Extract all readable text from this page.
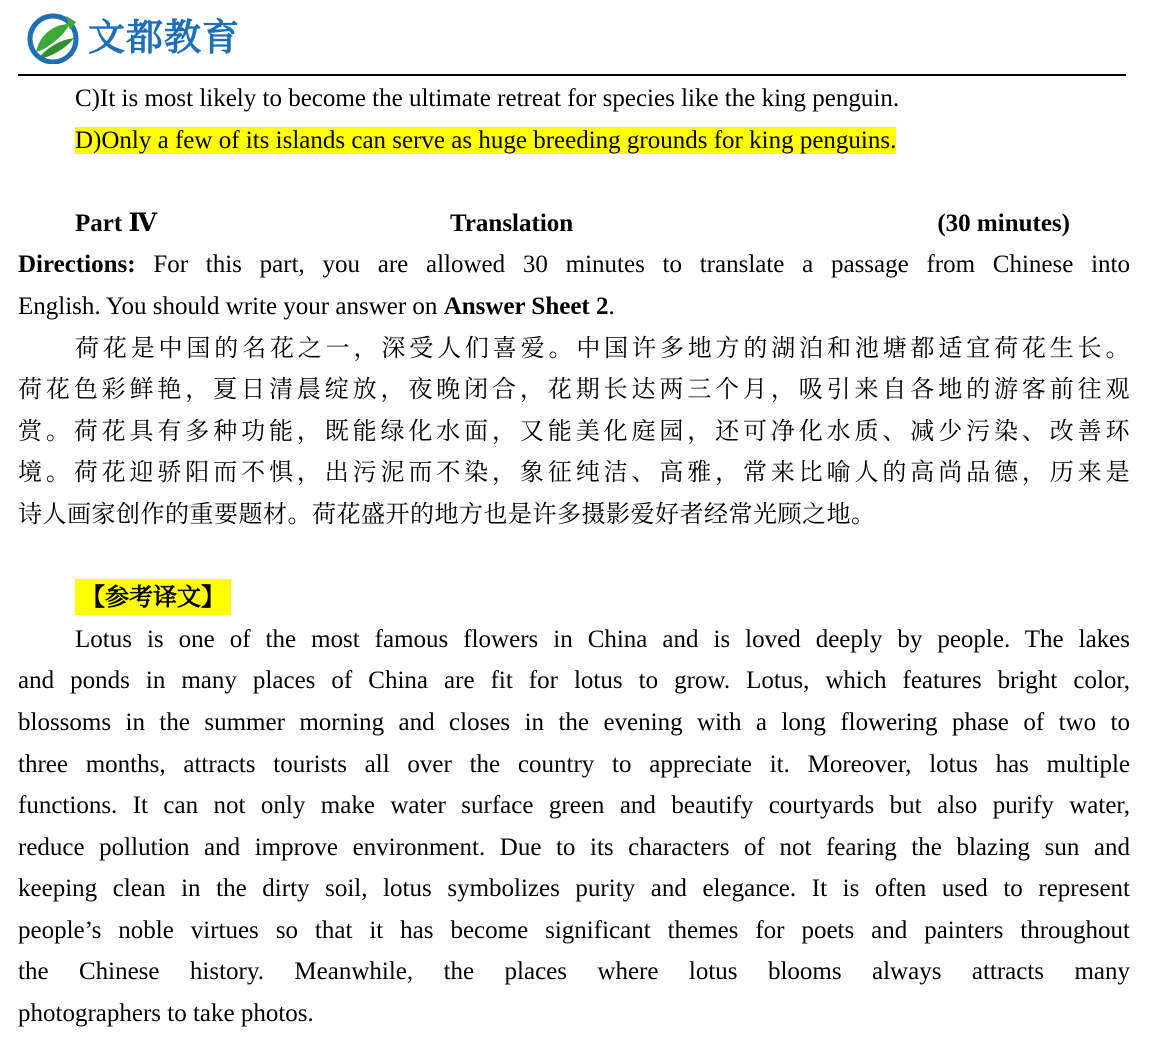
文都教育
C)It is most likely to become the ultimate retreat for species like the king penguin.
D)Only a few of its islands can serve as huge breeding grounds for king penguins.
Part Ⅳ	Translation	(30 minutes)
Directions: For this part, you are allowed 30 minutes to translate a passage from Chinese into
English. You should write your answer on Answer Sheet 2.
荷花是中国的名花之一，深受人们喜爱。中国许多地方的湖泊和池塘都适宜荷花生长。
荷花色彩鲜艳，夏日清晨绽放，夜晚闭合，花期长达两三个月，吸引来自各地的游客前往观
赏。荷花具有多种功能，既能绿化水面，又能美化庭园，还可净化水质、减少污染、改善环
境。荷花迎骄阳而不惧，出污泥而不染，象征纯洁、高雅，常来比喻人的高尚品德，历来是
诗人画家创作的重要题材。荷花盛开的地方也是许多摄影爱好者经常光顾之地。
【参考译文】
Lotus is one of the most famous flowers in China and is loved deeply by people. The lakes
and ponds in many places of China are fit for lotus to grow. Lotus, which features bright color,
blossoms in the summer morning and closes in the evening with a long flowering phase of two to
three months, attracts tourists all over the country to appreciate it. Moreover, lotus has multiple
functions. It can not only make water surface green and beautify courtyards but also purify water,
reduce pollution and improve environment. Due to its characters of not fearing the blazing sun and
keeping clean in the dirty soil, lotus symbolizes purity and elegance. It is often used to represent
people’s noble virtues so that it has become significant themes for poets and painters throughout
the Chinese history. Meanwhile, the places where lotus blooms always attracts many
photographers to take photos.
